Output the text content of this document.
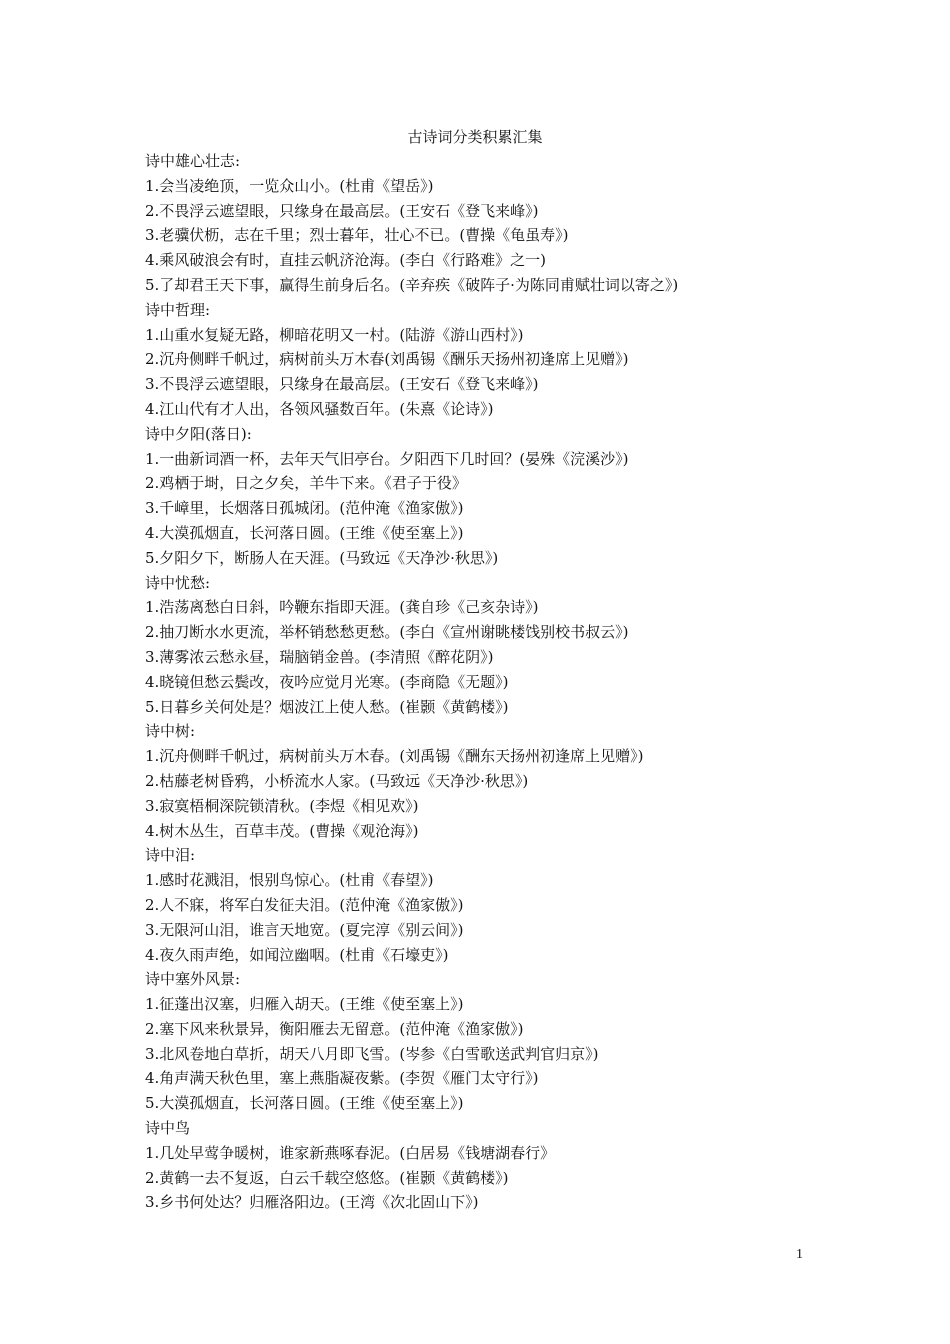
古诗词分类积累汇集
诗中雄心壮志:
1.会当凌绝顶，一览众山小。(杜甫《望岳》)
2.不畏浮云遮望眼，只缘身在最高层。(王安石《登飞来峰》)
3.老骥伏枥，志在千里；烈士暮年，壮心不已。(曹操《龟虽寿》)
4.乘风破浪会有时，直挂云帆济沧海。(李白《行路难》之一)
5.了却君王天下事，赢得生前身后名。(辛弃疾《破阵子·为陈同甫赋壮词以寄之》)
诗中哲理:
1.山重水复疑无路，柳暗花明又一村。(陆游《游山西村》)
2.沉舟侧畔千帆过，病树前头万木春(刘禹锡《酬乐天扬州初逢席上见赠》)
3.不畏浮云遮望眼，只缘身在最高层。(王安石《登飞来峰》)
4.江山代有才人出，各领风骚数百年。(朱熹《论诗》)
诗中夕阳(落日):
1.一曲新词酒一杯，去年天气旧亭台。夕阳西下几时回？(晏殊《浣溪沙》)
2.鸡栖于埘，日之夕矣，羊牛下来。《君子于役》
3.千嶂里，长烟落日孤城闭。(范仲淹《渔家傲》)
4.大漠孤烟直，长河落日圆。(王维《使至塞上》)
5.夕阳夕下，断肠人在天涯。(马致远《天净沙·秋思》)
诗中忧愁:
1.浩荡离愁白日斜，吟鞭东指即天涯。(龚自珍《己亥杂诗》)
2.抽刀断水水更流，举杯销愁愁更愁。(李白《宣州谢眺楼饯别校书叔云》)
3.薄雾浓云愁永昼，瑞脑销金兽。(李清照《醉花阴》)
4.晓镜但愁云鬓改，夜吟应觉月光寒。(李商隐《无题》)
5.日暮乡关何处是？烟波江上使人愁。(崔颢《黄鹤楼》)
诗中树:
1.沉舟侧畔千帆过，病树前头万木春。(刘禹锡《酬东天扬州初逢席上见赠》)
2.枯藤老树昏鸦，小桥流水人家。(马致远《天净沙·秋思》)
3.寂寞梧桐深院锁清秋。(李煜《相见欢》)
4.树木丛生，百草丰茂。(曹操《观沧海》)
诗中泪:
1.感时花溅泪，恨别鸟惊心。(杜甫《春望》)
2.人不寐，将军白发征夫泪。(范仲淹《渔家傲》)
3.无限河山泪，谁言天地宽。(夏完淳《别云间》)
4.夜久雨声绝，如闻泣幽咽。(杜甫《石壕吏》)
诗中塞外风景:
1.征蓬出汉塞，归雁入胡天。(王维《使至塞上》)
2.塞下风来秋景异，衡阳雁去无留意。(范仲淹《渔家傲》)
3.北风卷地白草折，胡天八月即飞雪。(岑参《白雪歌送武判官归京》)
4.角声满天秋色里，塞上燕脂凝夜紫。(李贺《雁门太守行》)
5.大漠孤烟直，长河落日圆。(王维《使至塞上》)
诗中鸟
1.几处早莺争暖树，谁家新燕啄春泥。(白居易《钱塘湖春行》
2.黄鹤一去不复返，白云千载空悠悠。(崔颢《黄鹤楼》)
3.乡书何处达？归雁洛阳边。(王湾《次北固山下》)
1
